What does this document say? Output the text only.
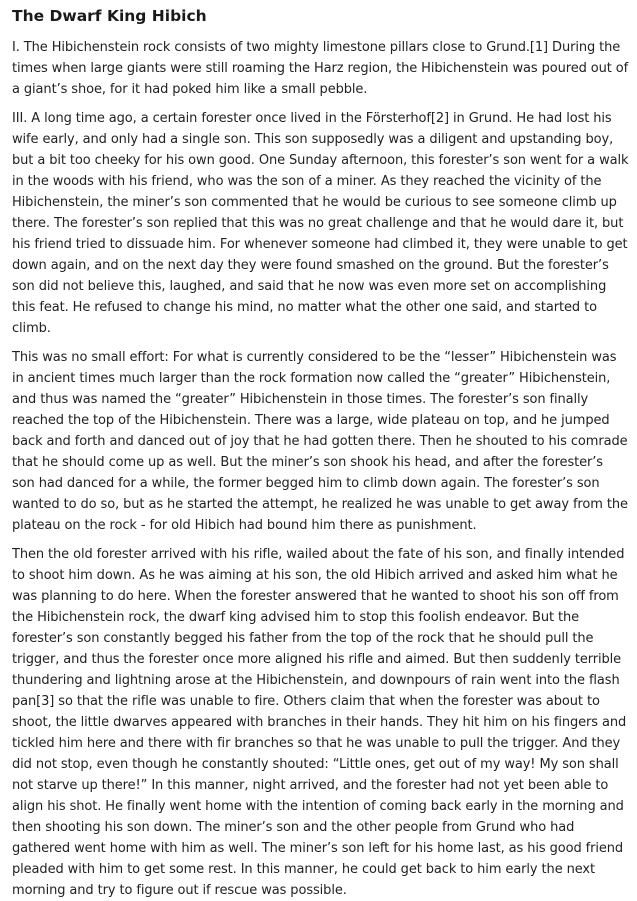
The Dwarf King Hibich

I. The Hibichenstein rock consists of two mighty limestone pillars close to Grund.[1] During the times when large giants were still roaming the Harz region, the Hibichenstein was poured out of a giant’s shoe, for it had poked him like a small pebble.

III. A long time ago, a certain forester once lived in the Försterhof[2] in Grund. He had lost his wife early, and only had a single son. This son supposedly was a diligent and upstanding boy, but a bit too cheeky for his own good. One Sunday afternoon, this forester’s son went for a walk in the woods with his friend, who was the son of a miner. As they reached the vicinity of the Hibichenstein, the miner’s son commented that he would be curious to see someone climb up there. The forester’s son replied that this was no great challenge and that he would dare it, but his friend tried to dissuade him. For whenever someone had climbed it, they were unable to get down again, and on the next day they were found smashed on the ground. But the forester’s son did not believe this, laughed, and said that he now was even more set on accomplishing this feat. He refused to change his mind, no matter what the other one said, and started to climb.

This was no small effort: For what is currently considered to be the “lesser” Hibichenstein was in ancient times much larger than the rock formation now called the “greater” Hibichenstein, and thus was named the “greater” Hibichenstein in those times. The forester’s son finally reached the top of the Hibichenstein. There was a large, wide plateau on top, and he jumped back and forth and danced out of joy that he had gotten there. Then he shouted to his comrade that he should come up as well. But the miner’s son shook his head, and after the forester’s son had danced for a while, the former begged him to climb down again. The forester’s son wanted to do so, but as he started the attempt, he realized he was unable to get away from the plateau on the rock - for old Hibich had bound him there as punishment.

Then the old forester arrived with his rifle, wailed about the fate of his son, and finally intended to shoot him down. As he was aiming at his son, the old Hibich arrived and asked him what he was planning to do here. When the forester answered that he wanted to shoot his son off from the Hibichenstein rock, the dwarf king advised him to stop this foolish endeavor. But the forester’s son constantly begged his father from the top of the rock that he should pull the trigger, and thus the forester once more aligned his rifle and aimed. But then suddenly terrible thundering and lightning arose at the Hibichenstein, and downpours of rain went into the flash pan[3] so that the rifle was unable to fire. Others claim that when the forester was about to shoot, the little dwarves appeared with branches in their hands. They hit him on his fingers and tickled him here and there with fir branches so that he was unable to pull the trigger. And they did not stop, even though he constantly shouted: “Little ones, get out of my way! My son shall not starve up there!” In this manner, night arrived, and the forester had not yet been able to align his shot. He finally went home with the intention of coming back early in the morning and then shooting his son down. The miner’s son and the other people from Grund who had gathered went home with him as well. The miner’s son left for his home last, as his good friend pleaded with him to get some rest. In this manner, he could get back to him early the next morning and try to figure out if rescue was possible.
